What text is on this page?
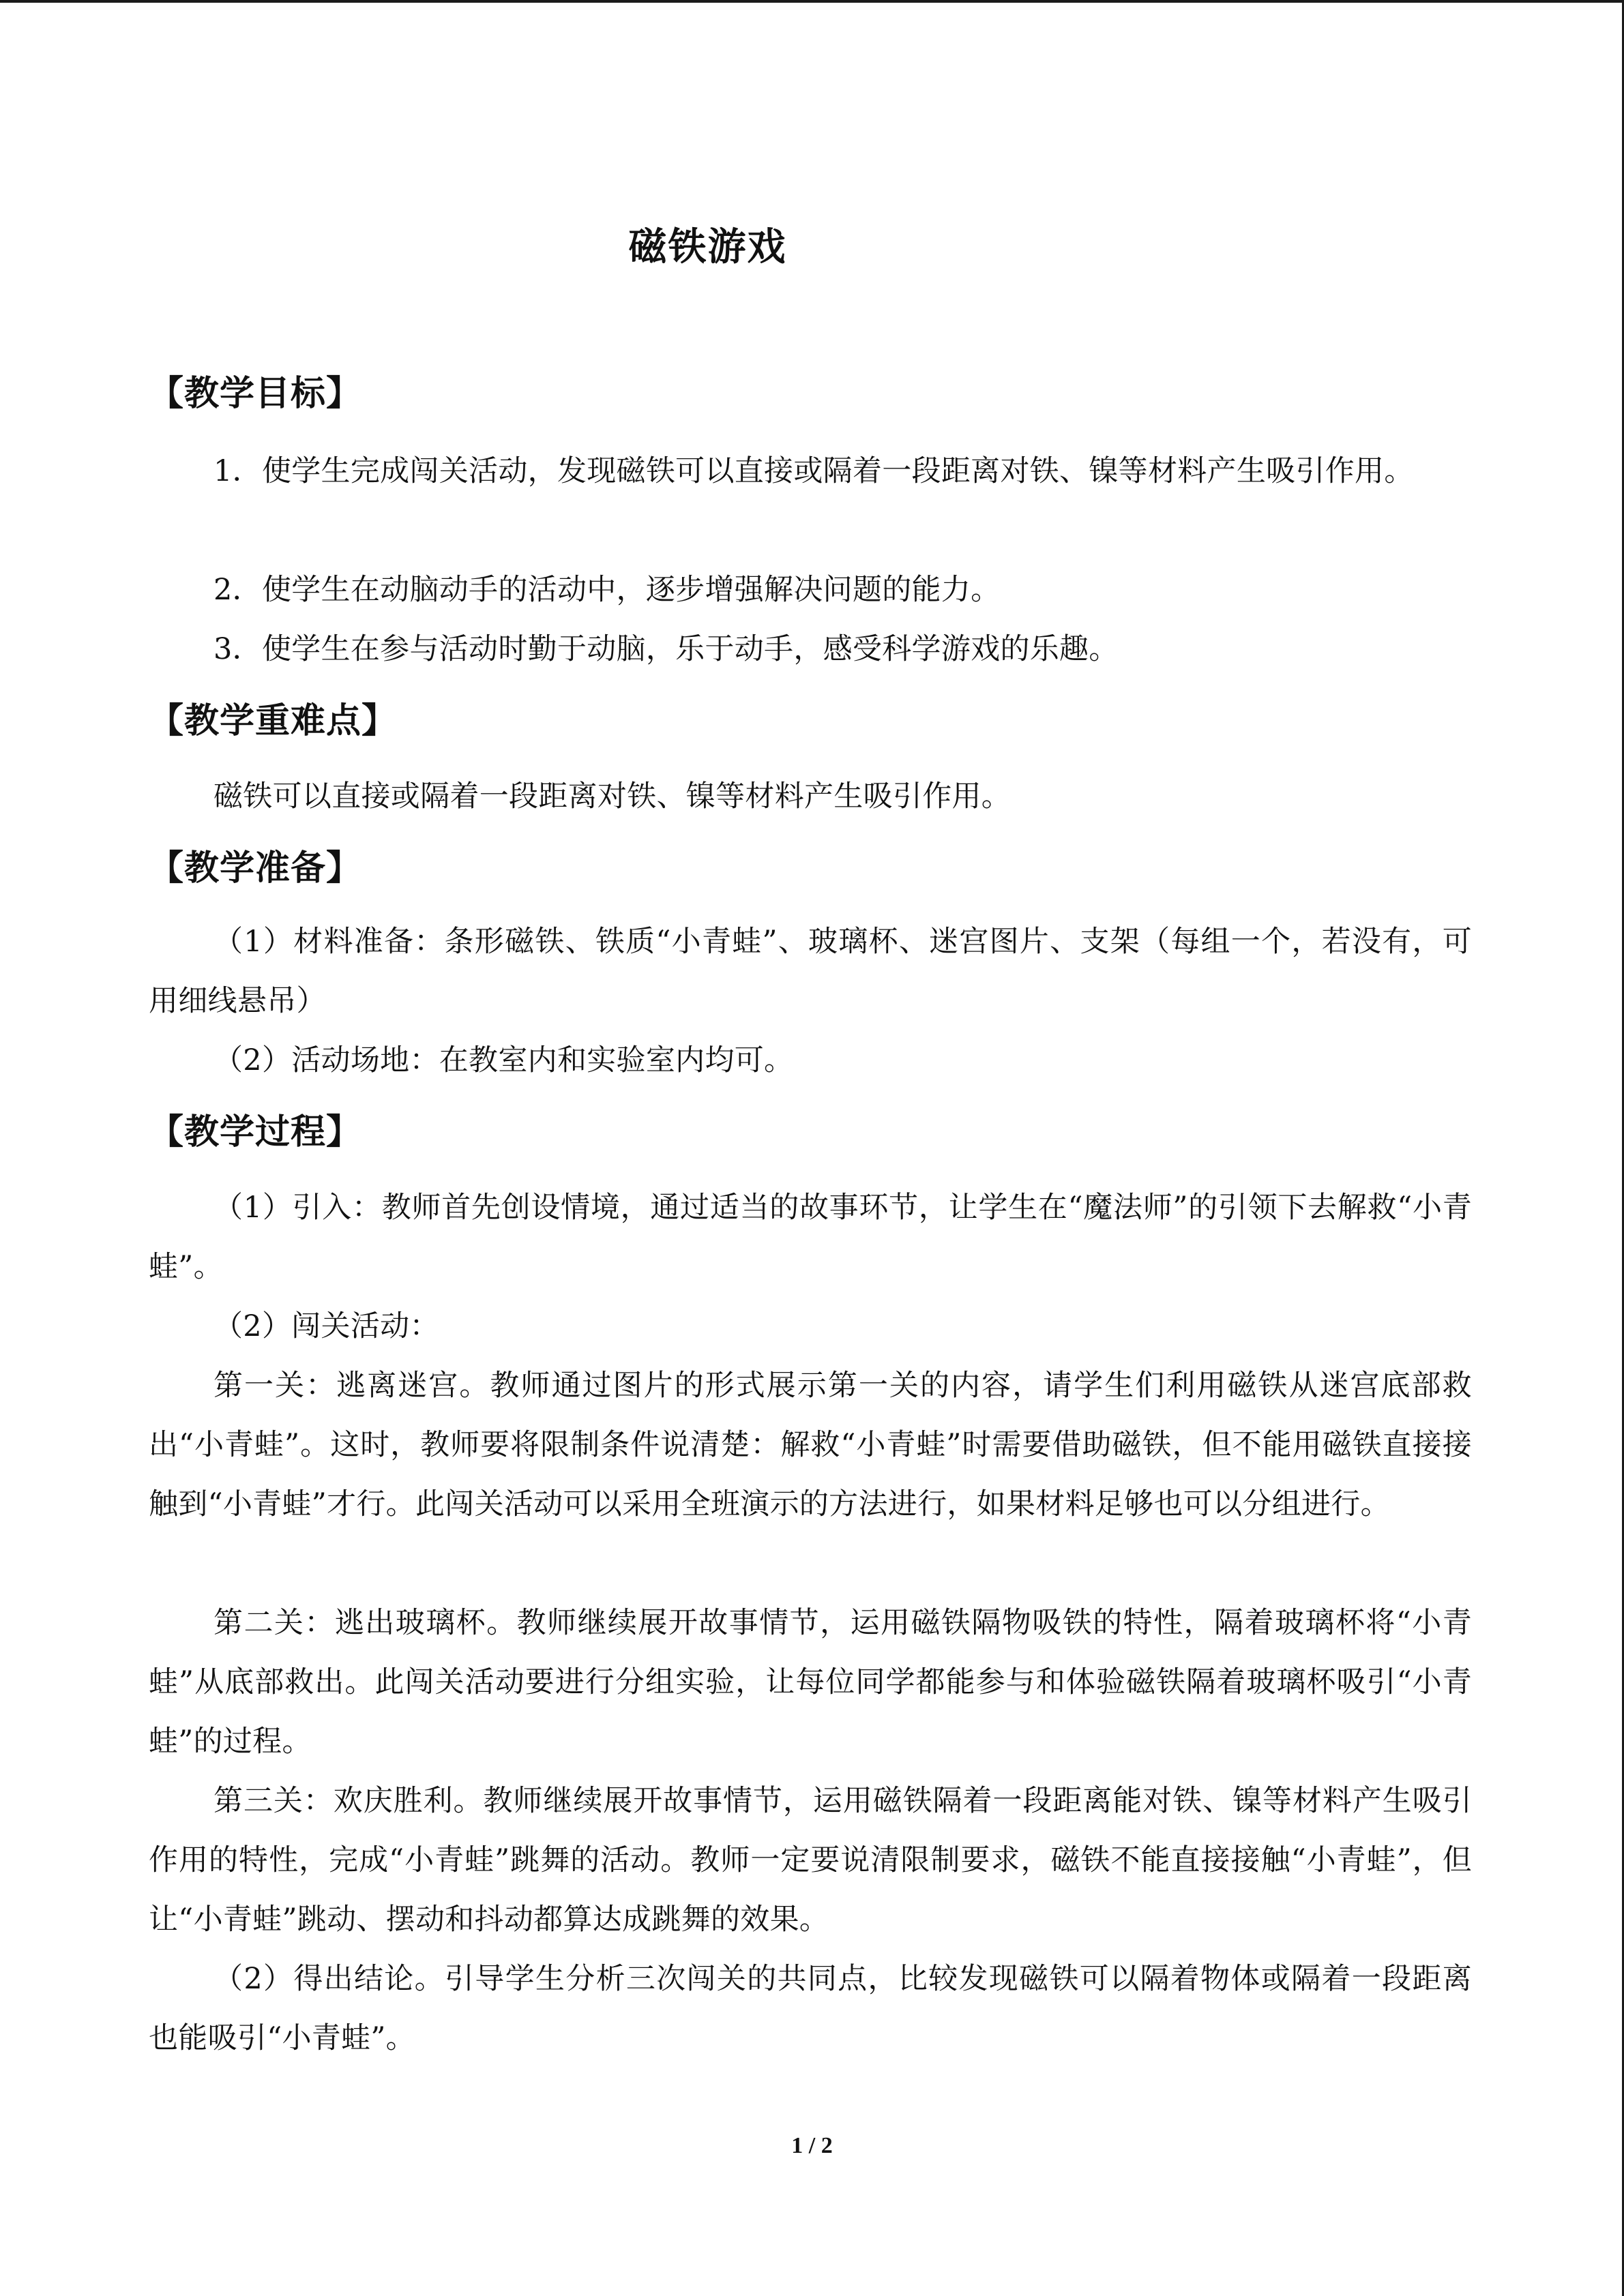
磁铁游戏
【教学目标】
1．使学生完成闯关活动，发现磁铁可以直接或隔着一段距离对铁、镍等材料产生吸引作用。
2．使学生在动脑动手的活动中，逐步增强解决问题的能力。
3．使学生在参与活动时勤于动脑，乐于动手，感受科学游戏的乐趣。
【教学重难点】
磁铁可以直接或隔着一段距离对铁、镍等材料产生吸引作用。
【教学准备】
（1）材料准备：条形磁铁、铁质“小青蛙”、玻璃杯、迷宫图片、支架（每组一个，若没有，可用细线悬吊）
（2）活动场地：在教室内和实验室内均可。
【教学过程】
（1）引入：教师首先创设情境，通过适当的故事环节，让学生在“魔法师”的引领下去解救“小青蛙”。
（2）闯关活动：
第一关：逃离迷宫。教师通过图片的形式展示第一关的内容，请学生们利用磁铁从迷宫底部救出“小青蛙”。这时，教师要将限制条件说清楚：解救“小青蛙”时需要借助磁铁，但不能用磁铁直接接触到“小青蛙”才行。此闯关活动可以采用全班演示的方法进行，如果材料足够也可以分组进行。
第二关：逃出玻璃杯。教师继续展开故事情节，运用磁铁隔物吸铁的特性，隔着玻璃杯将“小青蛙”从底部救出。此闯关活动要进行分组实验，让每位同学都能参与和体验磁铁隔着玻璃杯吸引“小青蛙”的过程。
第三关：欢庆胜利。教师继续展开故事情节，运用磁铁隔着一段距离能对铁、镍等材料产生吸引作用的特性，完成“小青蛙”跳舞的活动。教师一定要说清限制要求，磁铁不能直接接触“小青蛙”，但让“小青蛙”跳动、摆动和抖动都算达成跳舞的效果。
（2）得出结论。引导学生分析三次闯关的共同点，比较发现磁铁可以隔着物体或隔着一段距离也能吸引“小青蛙”。
1 / 2
